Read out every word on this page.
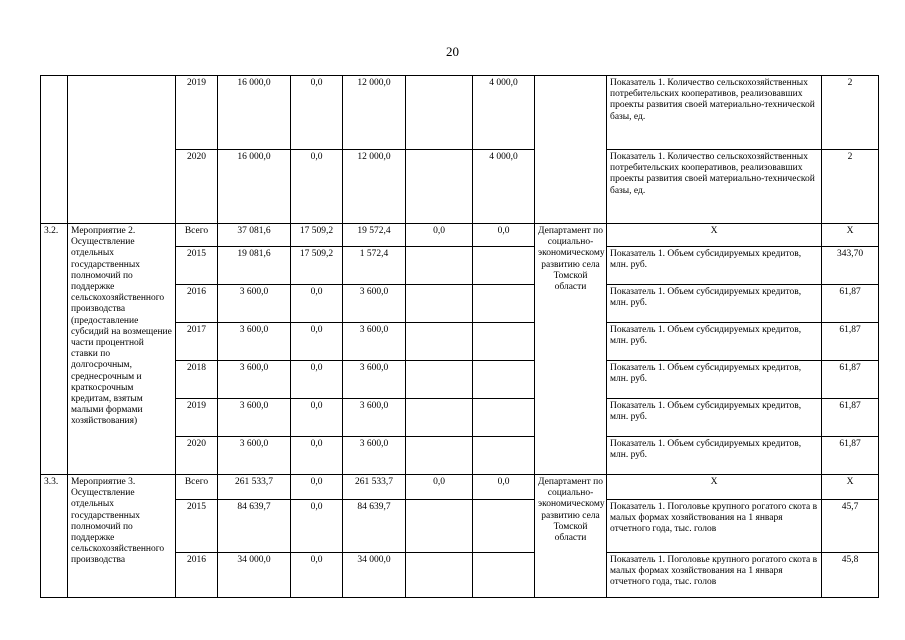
20
		2019	16 000,0	0,0	12 000,0		4 000,0		Показатель 1. Количество сельскохозяйственных потребительских кооперативов, реализовавших проекты развития своей материально-технической базы, ед.	2
		2020	16 000,0	0,0	12 000,0		4 000,0		Показатель 1. Количество сельскохозяйственных потребительских кооперативов, реализовавших проекты развития своей материально-технической базы, ед.	2
3.2.	Мероприятие 2. Осуществление отдельных государственных полномочий по поддержке сельскохозяйственного производства (предоставление субсидий на возмещение части процентной ставки по долгосрочным, среднесрочным и краткосрочным кредитам, взятым малыми формами хозяйствования)	Всего	37 081,6	17 509,2	19 572,4	0,0	0,0	Департамент по социально-экономическому развитию села Томской области	Х	Х
		2015	19 081,6	17 509,2	1 572,4				Показатель 1. Объем субсидируемых кредитов, млн. руб.	343,70
		2016	3 600,0	0,0	3 600,0				Показатель 1. Объем субсидируемых кредитов, млн. руб.	61,87
		2017	3 600,0	0,0	3 600,0				Показатель 1. Объем субсидируемых кредитов, млн. руб.	61,87
		2018	3 600,0	0,0	3 600,0				Показатель 1. Объем субсидируемых кредитов, млн. руб.	61,87
		2019	3 600,0	0,0	3 600,0				Показатель 1. Объем субсидируемых кредитов, млн. руб.	61,87
		2020	3 600,0	0,0	3 600,0				Показатель 1. Объем субсидируемых кредитов, млн. руб.	61,87
3.3.	Мероприятие 3. Осуществление отдельных государственных полномочий по поддержке сельскохозяйственного производства	Всего	261 533,7	0,0	261 533,7	0,0	0,0	Департамент по социально-экономическому развитию села Томской области	Х	Х
		2015	84 639,7	0,0	84 639,7				Показатель 1. Поголовье крупного рогатого скота в малых формах хозяйствования на 1 января отчетного года, тыс. голов	45,7
		2016	34 000,0	0,0	34 000,0				Показатель 1. Поголовье крупного рогатого скота в малых формах хозяйствования на 1 января отчетного года, тыс. голов	45,8
